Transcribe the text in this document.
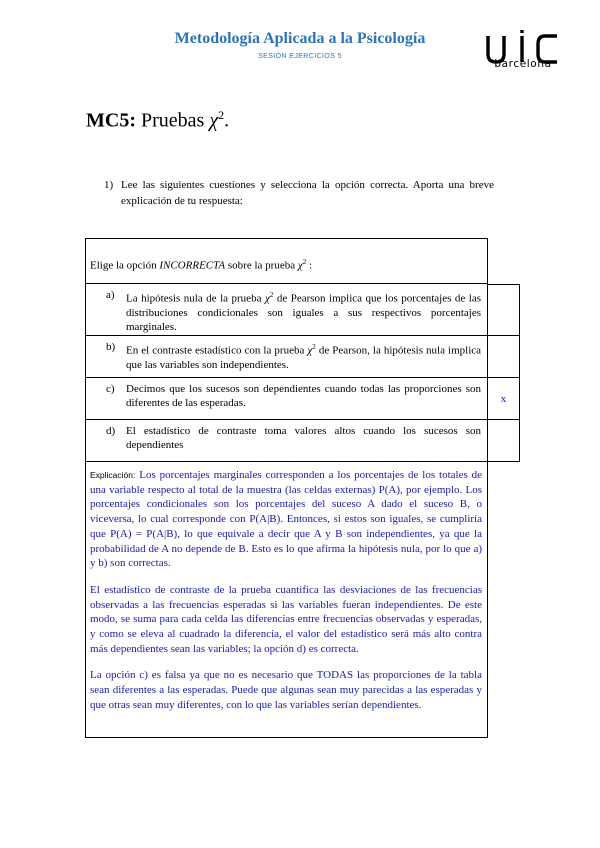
Metodología Aplicada a la Psicología
SESIÓN EJERCICIOS 5
barcelona
MC5: Pruebas $\chi^2$.
1) Lee las siguientes cuestiones y selecciona la opción correcta. Aporta una breve explicación de tu respuesta:
Elige la opción INCORRECTA sobre la prueba $\chi^2$ :
a)	La hipótesis nula de la prueba $\chi^2$ de Pearson implica que los porcentajes de las distribuciones condicionales son iguales a sus respectivos porcentajes marginales.
b) En el contraste estadístico con la prueba $\chi^2$ de Pearson, la hipótesis nula implica que las variables son independientes.
c)	Decimos que los sucesos son dependientes cuando todas las proporciones son diferentes de las esperadas.	x
d) El estadístico de contraste toma valores altos cuando los sucesos son dependientes

Explicación: Los porcentajes marginales corresponden a los porcentajes de los totales de una variable respecto al total de la muestra (las celdas externas) P(A), por ejemplo. Los porcentajes condicionales son los porcentajes del suceso A dado el suceso B, o viceversa, lo cual corresponde con P(A|B). Entonces, si estos son iguales, se cumpliría que P(A) = P(A|B), lo que equivale a decir que A y B son independientes, ya que la probabilidad de A no depende de B. Esto es lo que afirma la hipótesis nula, por lo que a) y b) son correctas.

El estadístico de contraste de la prueba cuantifica las desviaciones de las frecuencias observadas a las frecuencias esperadas si las variables fueran independientes. De este modo, se suma para cada celda las diferencias entre frecuencias observadas y esperadas, y como se eleva al cuadrado la diferencia, el valor del estadístico será más alto contra más dependientes sean las variables; la opción d) es correcta.

La opción c) es falsa ya que no es necesario que TODAS las proporciones de la tabla sean diferentes a las esperadas. Puede que algunas sean muy parecidas a las esperadas y que otras sean muy diferentes, con lo que las variables serían dependientes.
